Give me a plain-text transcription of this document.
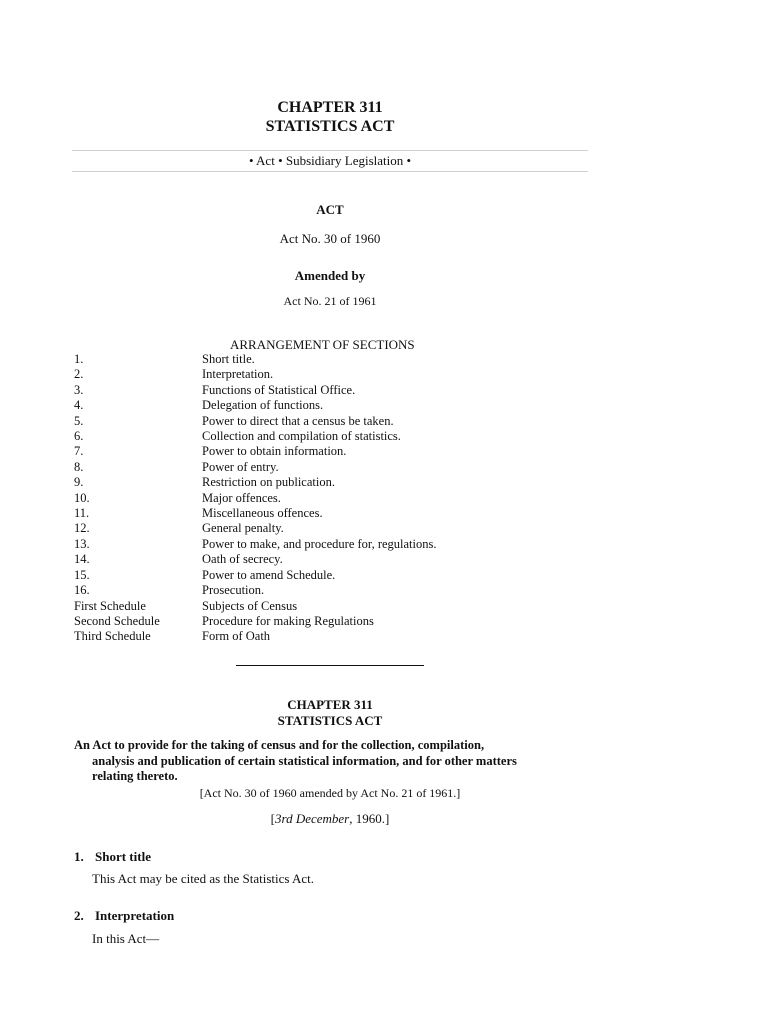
CHAPTER 311
STATISTICS ACT
• Act • Subsidiary Legislation •
ACT
Act No. 30 of 1960
Amended by
Act No. 21 of 1961
ARRANGEMENT OF SECTIONS
1.	Short title.
2.	Interpretation.
3.	Functions of Statistical Office.
4.	Delegation of functions.
5.	Power to direct that a census be taken.
6.	Collection and compilation of statistics.
7.	Power to obtain information.
8.	Power of entry.
9.	Restriction on publication.
10.	Major offences.
11.	Miscellaneous offences.
12.	General penalty.
13.	Power to make, and procedure for, regulations.
14.	Oath of secrecy.
15.	Power to amend Schedule.
16.	Prosecution.
First Schedule	Subjects of Census
Second Schedule	Procedure for making Regulations
Third Schedule	Form of Oath
CHAPTER 311
STATISTICS ACT
An Act to provide for the taking of census and for the collection, compilation,
analysis and publication of certain statistical information, and for other matters
relating thereto.
[Act No. 30 of 1960 amended by Act No. 21 of 1961.]
[3rd December, 1960.]
1. Short title
This Act may be cited as the Statistics Act.
2. Interpretation
In this Act—
